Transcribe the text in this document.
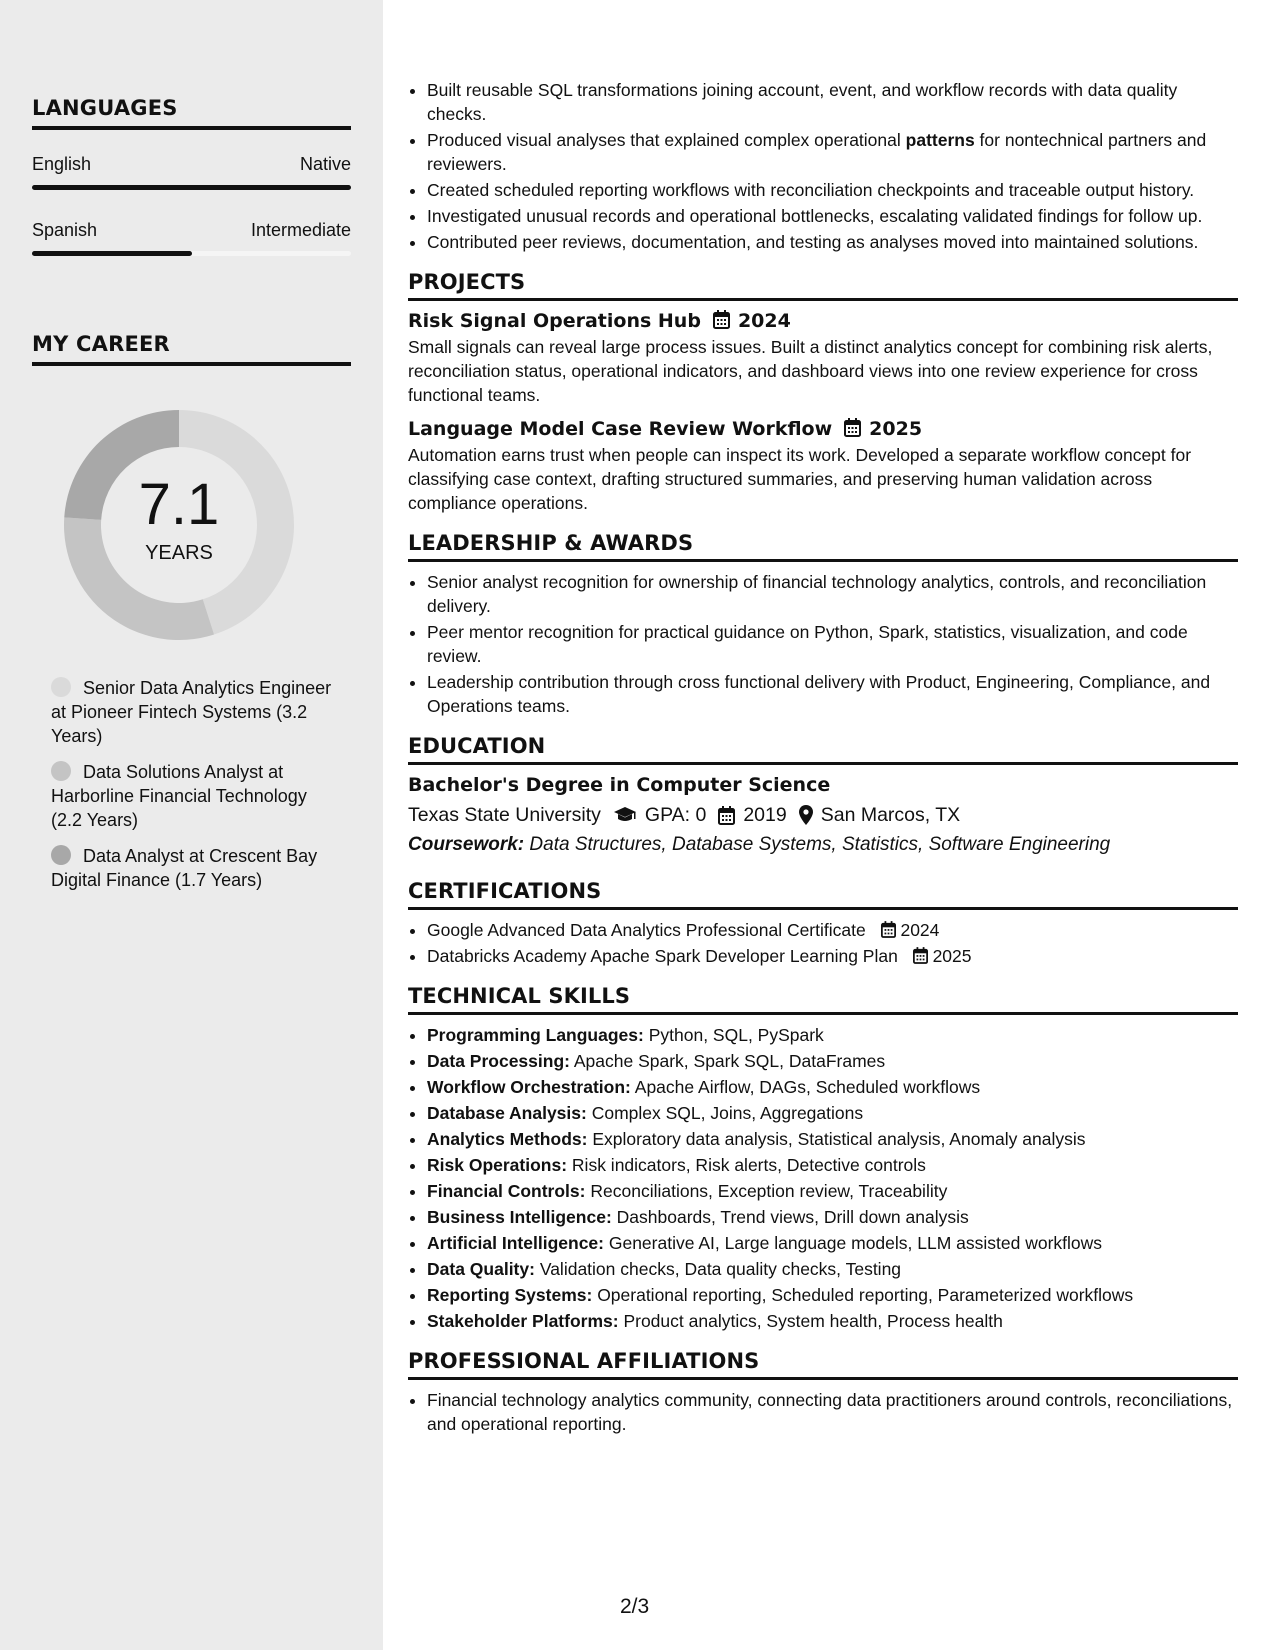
LANGUAGES
English	Native
Spanish	Intermediate
MY CAREER
7.1
YEARS
Senior Data Analytics Engineer at Pioneer Fintech Systems (3.2 Years)
Data Solutions Analyst at Harborline Financial Technology (2.2 Years)
Data Analyst at Crescent Bay Digital Finance (1.7 Years)
• Built reusable SQL transformations joining account, event, and workflow records with data quality checks.
• Produced visual analyses that explained complex operational patterns for nontechnical partners and reviewers.
• Created scheduled reporting workflows with reconciliation checkpoints and traceable output history.
• Investigated unusual records and operational bottlenecks, escalating validated findings for follow up.
• Contributed peer reviews, documentation, and testing as analyses moved into maintained solutions.
PROJECTS
Risk Signal Operations Hub 2024

Small signals can reveal large process issues. Built a distinct analytics concept for combining risk alerts, reconciliation status, operational indicators, and dashboard views into one review experience for cross functional teams.

Language Model Case Review Workflow 2025

Automation earns trust when people can inspect its work. Developed a separate workflow concept for classifying case context, drafting structured summaries, and preserving human validation across compliance operations.

LEADERSHIP & AWARDS
• Senior analyst recognition for ownership of financial technology analytics, controls, and reconciliation delivery.
• Peer mentor recognition for practical guidance on Python, Spark, statistics, visualization, and code review.
• Leadership contribution through cross functional delivery with Product, Engineering, Compliance, and Operations teams.
EDUCATION
Bachelor's Degree in Computer Science
Texas State University GPA: 0 2019 San Marcos, TX
Coursework: Data Structures, Database Systems, Statistics, Software Engineering
CERTIFICATIONS
• Google Advanced Data Analytics Professional Certificate 2024
• Databricks Academy Apache Spark Developer Learning Plan 2025
TECHNICAL SKILLS
• Programming Languages: Python, SQL, PySpark
• Data Processing: Apache Spark, Spark SQL, DataFrames
• Workflow Orchestration: Apache Airflow, DAGs, Scheduled workflows
• Database Analysis: Complex SQL, Joins, Aggregations
• Analytics Methods: Exploratory data analysis, Statistical analysis, Anomaly analysis
• Risk Operations: Risk indicators, Risk alerts, Detective controls
• Financial Controls: Reconciliations, Exception review, Traceability
• Business Intelligence: Dashboards, Trend views, Drill down analysis
• Artificial Intelligence: Generative AI, Large language models, LLM assisted workflows
• Data Quality: Validation checks, Data quality checks, Testing
• Reporting Systems: Operational reporting, Scheduled reporting, Parameterized workflows
• Stakeholder Platforms: Product analytics, System health, Process health
PROFESSIONAL AFFILIATIONS
• Financial technology analytics community, connecting data practitioners around controls, reconciliations, and operational reporting.
2/3
